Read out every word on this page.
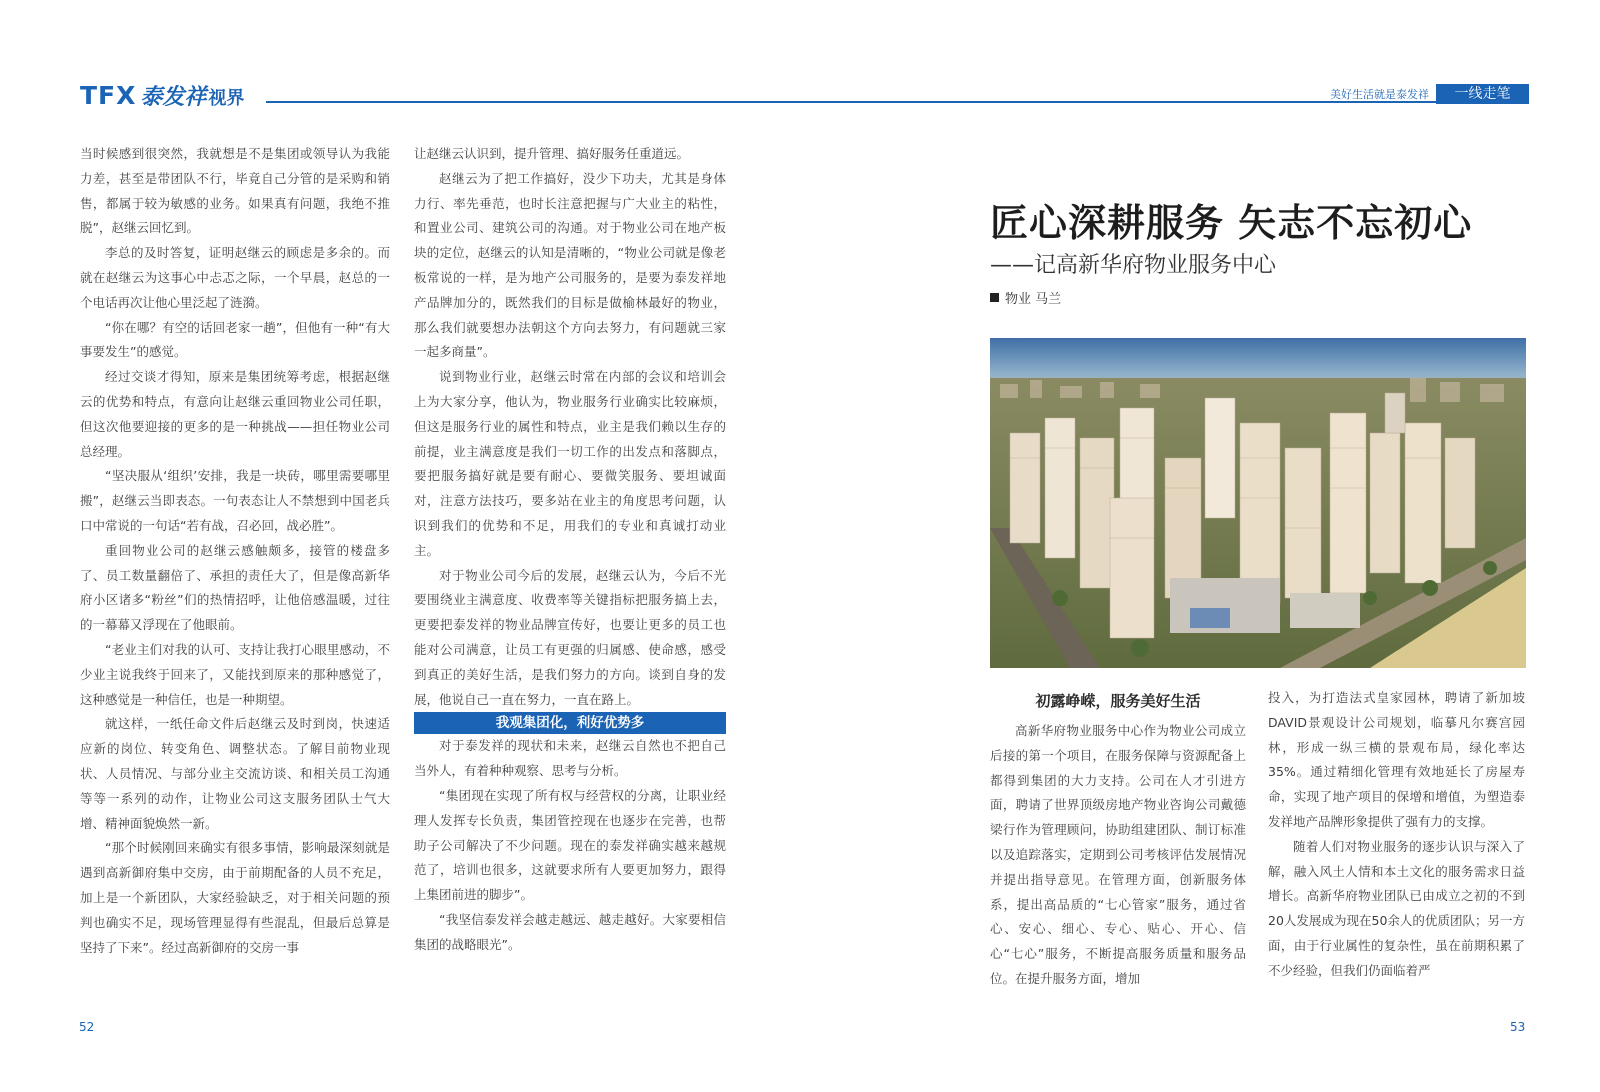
TFX 泰发祥 视界	美好生活就是泰发祥	一线走笔

当时候感到很突然，我就想是不是集团或领导认为我能力差，甚至是带团队不行，毕竟自己分管的是采购和销售，都属于较为敏感的业务。如果真有问题，我绝不推脱”，赵继云回忆到。

李总的及时答复，证明赵继云的顾虑是多余的。而就在赵继云为这事心中忐忑之际，一个早晨，赵总的一个电话再次让他心里泛起了涟漪。

“你在哪？有空的话回老家一趟”，但他有一种“有大事要发生”的感觉。

经过交谈才得知，原来是集团统筹考虑，根据赵继云的优势和特点，有意向让赵继云重回物业公司任职，但这次他要迎接的更多的是一种挑战——担任物业公司总经理。

“坚决服从‘组织’安排，我是一块砖，哪里需要哪里搬”，赵继云当即表态。一句表态让人不禁想到中国老兵口中常说的一句话“若有战，召必回，战必胜”。

重回物业公司的赵继云感触颇多，接管的楼盘多了、员工数量翻倍了、承担的责任大了，但是像高新华府小区诸多“粉丝”们的热情招呼，让他倍感温暖，过往的一幕幕又浮现在了他眼前。

“老业主们对我的认可、支持让我打心眼里感动，不少业主说我终于回来了，又能找到原来的那种感觉了，这种感觉是一种信任，也是一种期望。

就这样，一纸任命文件后赵继云及时到岗，快速适应新的岗位、转变角色、调整状态。了解目前物业现状、人员情况、与部分业主交流访谈、和相关员工沟通等等一系列的动作，让物业公司这支服务团队士气大增、精神面貌焕然一新。

“那个时候刚回来确实有很多事情，影响最深刻就是遇到高新御府集中交房，由于前期配备的人员不充足，加上是一个新团队，大家经验缺乏，对于相关问题的预判也确实不足，现场管理显得有些混乱，但最后总算是坚持了下来”。经过高新御府的交房一事

让赵继云认识到，提升管理、搞好服务任重道远。

赵继云为了把工作搞好，没少下功夫，尤其是身体力行、率先垂范，也时长注意把握与广大业主的粘性，和置业公司、建筑公司的沟通。对于物业公司在地产板块的定位，赵继云的认知是清晰的，“物业公司就是像老板常说的一样，是为地产公司服务的，是要为泰发祥地产品牌加分的，既然我们的目标是做榆林最好的物业，那么我们就要想办法朝这个方向去努力，有问题就三家一起多商量”。

说到物业行业，赵继云时常在内部的会议和培训会上为大家分享，他认为，物业服务行业确实比较麻烦，但这是服务行业的属性和特点，业主是我们赖以生存的前提，业主满意度是我们一切工作的出发点和落脚点，要把服务搞好就是要有耐心、要微笑服务、要坦诚面对，注意方法技巧，要多站在业主的角度思考问题，认识到我们的优势和不足，用我们的专业和真诚打动业主。

对于物业公司今后的发展，赵继云认为，今后不光要围绕业主满意度、收费率等关键指标把服务搞上去，更要把泰发祥的物业品牌宣传好，也要让更多的员工也能对公司满意，让员工有更强的归属感、使命感，感受到真正的美好生活，是我们努力的方向。谈到自身的发展，他说自己一直在努力，一直在路上。

我观集团化，利好优势多

对于泰发祥的现状和未来，赵继云自然也不把自己当外人，有着种种观察、思考与分析。

“集团现在实现了所有权与经营权的分离，让职业经理人发挥专长负责，集团管控现在也逐步在完善，也帮助子公司解决了不少问题。现在的泰发祥确实越来越规范了，培训也很多，这就要求所有人要更加努力，跟得上集团前进的脚步”。

“我坚信泰发祥会越走越远、越走越好。大家要相信集团的战略眼光”。

匠心深耕服务 矢志不忘初心
——记高新华府物业服务中心
物业 马兰
初露峥嵘，服务美好生活

高新华府物业服务中心作为物业公司成立后接的第一个项目，在服务保障与资源配备上都得到集团的大力支持。公司在人才引进方面，聘请了世界顶级房地产物业咨询公司戴德梁行作为管理顾问，协助组建团队、制订标准以及追踪落实，定期到公司考核评估发展情况并提出指导意见。在管理方面，创新服务体系，提出高品质的“七心管家”服务，通过省心、安心、细心、专心、贴心、开心、信心“七心”服务，不断提高服务质量和服务品位。在提升服务方面，增加

投入，为打造法式皇家园林，聘请了新加坡DAVID景观设计公司规划，临摹凡尔赛宫园林，形成一纵三横的景观布局，绿化率达35%。通过精细化管理有效地延长了房屋寿命，实现了地产项目的保增和增值，为塑造泰发祥地产品牌形象提供了强有力的支撑。

随着人们对物业服务的逐步认识与深入了解，融入风土人情和本土文化的服务需求日益增长。高新华府物业团队已由成立之初的不到20人发展成为现在50余人的优质团队；另一方面，由于行业属性的复杂性，虽在前期积累了不少经验，但我们仍面临着严

52	53
